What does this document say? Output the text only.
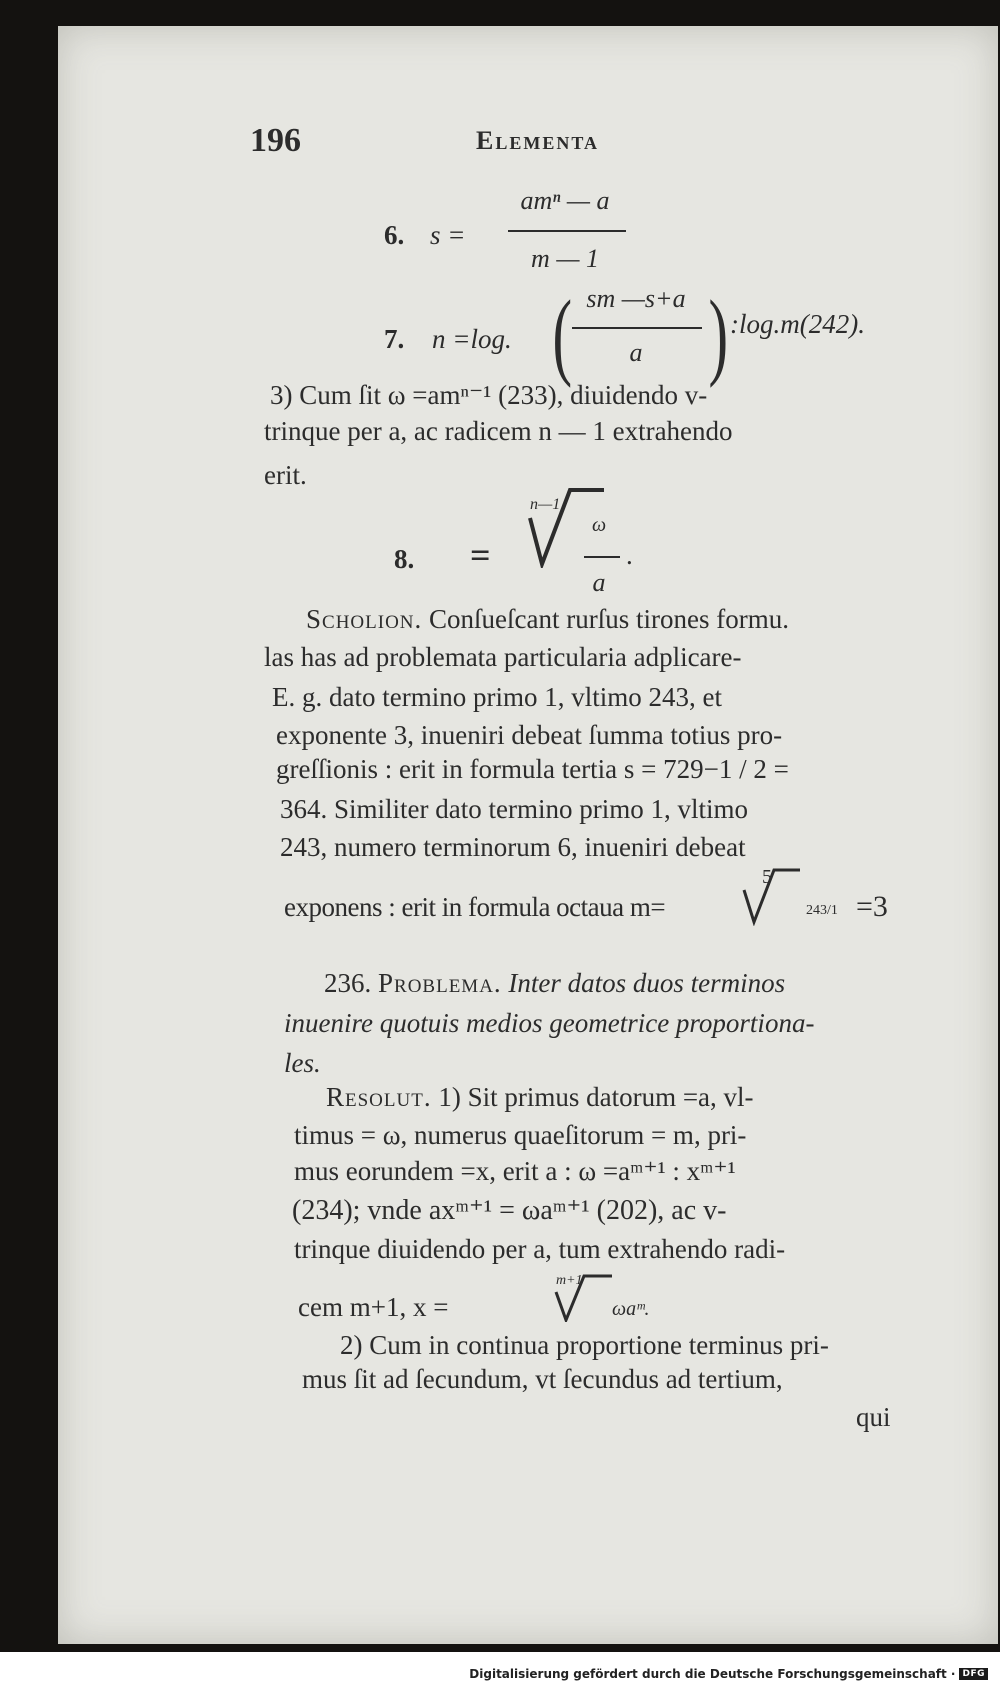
196	Elementa
6. s =
amⁿ — a
m — 1
7. n =log. ( sm —s+a
a ) :log.m(242).
3) Cum ſit ω =amⁿ⁻¹ (233), diuidendo v-
trinque per a, ac radicem n — 1 extrahendo
erit.
8. =
n—1
ω
a
.
Scholion. Conſueſcant rurſus tirones formu.
las has ad problemata particularia adplicare-
E. g. dato termino primo 1, vltimo 243, et
exponente 3, inueniri debeat ſumma totius pro-
greſſionis : erit in formula tertia s = 729−1 / 2 =
364. Similiter dato termino primo 1, vltimo
243, numero terminorum 6, inueniri debeat
exponens : erit in formula octaua m=
5
243/1 =3
236. Problema. Inter datos duos terminos
inuenire quotuis medios geometrice proportiona-
les.
Resolut. 1) Sit primus datorum =a, vl-
timus = ω, numerus quaeſitorum = m, pri-
mus eorundem =x, erit a : ω =aᵐ⁺¹ : xᵐ⁺¹
(234); vnde axᵐ⁺¹ = ωaᵐ⁺¹ (202), ac v-
trinque diuidendo per a, tum extrahendo radi-
cem m+1, x =
m+1
ωaᵐ.
2) Cum in continua proportione terminus pri-
mus ſit ad ſecundum, vt ſecundus ad tertium,
qui
Digitalisierung gefördert durch die Deutsche Forschungsgemeinschaft · DFG
